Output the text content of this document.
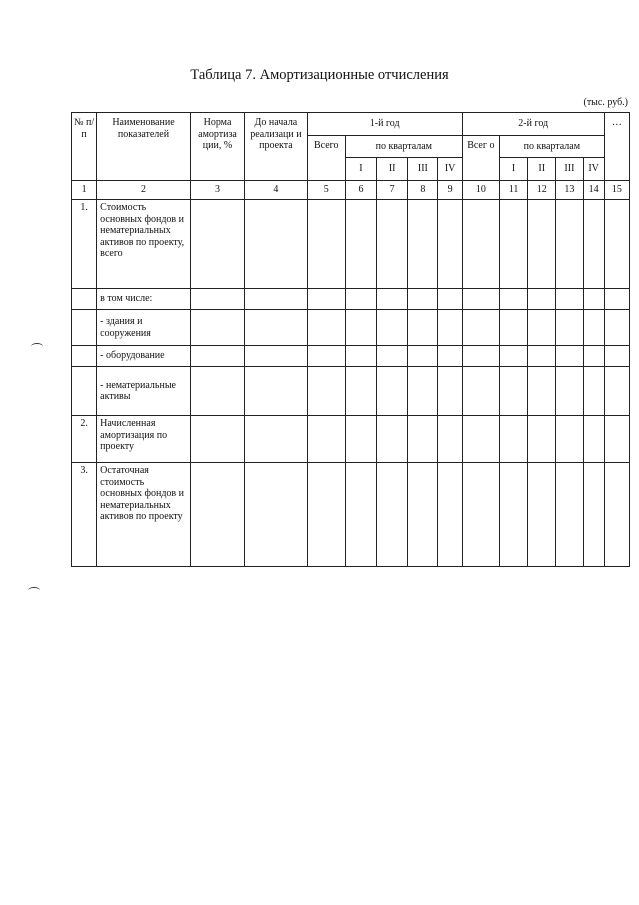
Таблица 7. Амортизационные отчисления
(тыс. руб.)
№ п/п	Наименование показателей	Норма амортиза ции, %	До начала реализаци и проекта	1-й год					2-й год					…
				Всего	по кварталам				Всег о	по кварталам				
					I	II	III	IV		I	II	III	IV	
1	2	3	4	5	6	7	8	9	10	11	12	13	14	15
1.	Стоимость основных фондов и нематериальных активов по проекту, всего													
	в том числе:													
	- здания и сооружения													
	- оборудование													
	- нематериальные активы													
2.	Начисленная амортизация по проекту													
3.	Остаточная стоимость основных фондов и нематериальных активов по проекту													
